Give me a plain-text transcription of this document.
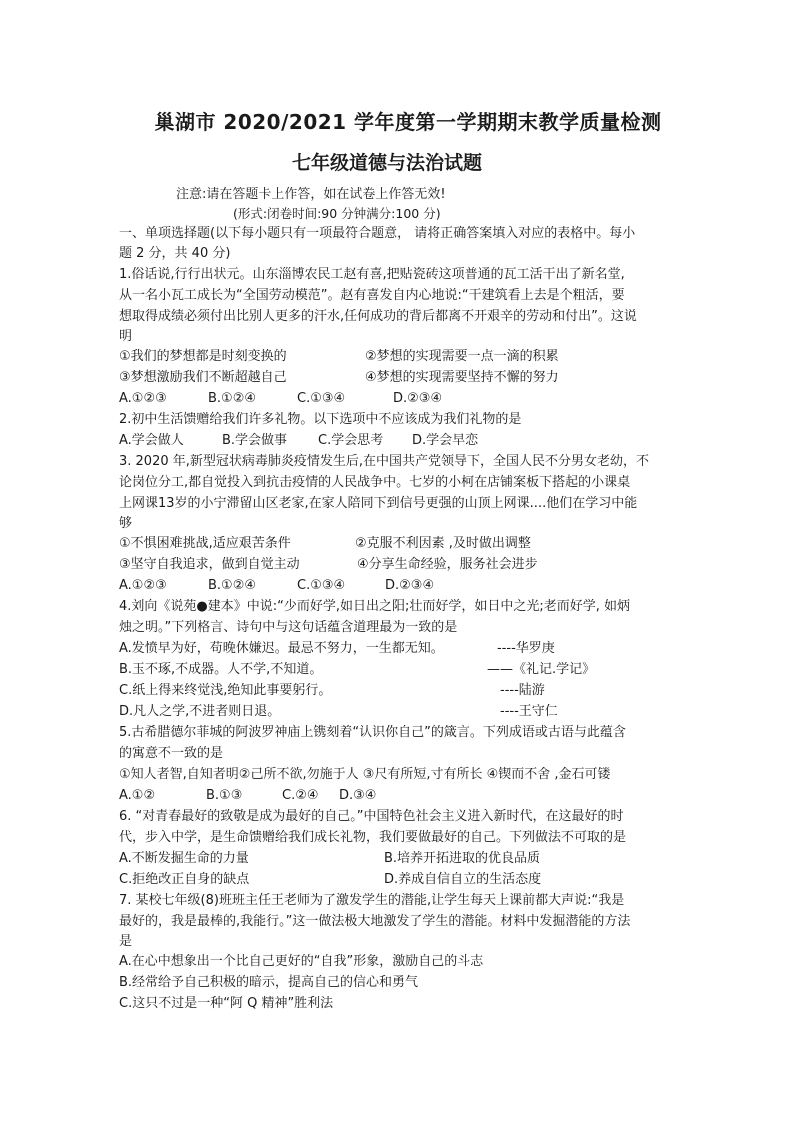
巢湖市 2020/2021 学年度第一学期期末教学质量检测
七年级道德与法治试题
注意:请在答题卡上作答，如在试卷上作答无效!
(形式:闭卷时间:90 分钟满分:100 分)
一、单项选择题(以下每小题只有一项最符合题意， 请将正确答案填入对应的表格中。每小
题 2 分，共 40 分)
1.俗话说,行行出状元。山东淄博农民工赵有喜,把贴瓷砖这项普通的瓦工活干出了新名堂,
从一名小瓦工成长为“全国劳动模范”。赵有喜发自内心地说:“干建筑看上去是个粗活，要
想取得成绩必须付出比别人更多的汗水,任何成功的背后都离不开艰辛的劳动和付出”。这说
明
①我们的梦想都是时刻变换的	②梦想的实现需要一点一滴的积累
③梦想激励我们不断超越自己	④梦想的实现需要坚持不懈的努力
A.①②③	B.①②④	C.①③④	D.②③④
2.初中生活馈赠给我们许多礼物。以下选项中不应该成为我们礼物的是
A.学会做人	B.学会做事 C.学会思考 D.学会早恋
3. 2020 年,新型冠状病毒肺炎疫情发生后,在中国共产党领导下，全国人民不分男女老幼，不
论岗位分工,都自觉投入到抗击疫情的人民战争中。七岁的小柯在店铺案板下搭起的小课桌
上网课13岁的小宁滞留山区老家,在家人陪同下到信号更强的山顶上网课....他们在学习中能
够
①不惧困难挑战,适应艰苦条件	②克服不利因素 ,及时做出调整
③坚守自我追求，做到自觉主动	④分享生命经验，服务社会进步
A.①②③	B.①②④	C.①③④	D.②③④
4.刘向《说苑●建本》中说:“少而好学,如日出之阳;壮而好学，如日中之光;老而好学, 如炳
烛之明。”下列格言、诗句中与这句话蕴含道理最为一致的是
A.发愤早为好，苟晚休嫌迟。最忌不努力，一生都无知。	----华罗庚
B.玉不琢,不成器。人不学,不知道。	——《礼记.学记》
C.纸上得来终觉浅,绝知此事要躬行。	----陆游
D.凡人之学,不进者则日退。	----王守仁
5.古希腊德尔菲城的阿波罗神庙上镌刻着“认识你自己”的箴言。下列成语或古语与此蕴含
的寓意不一致的是
①知人者智,自知者明②己所不欲,勿施于人 ③尺有所短,寸有所长 ④锲而不舍 ,金石可镂
A.①②	B.①③	C.②④ D.③④
6. “对青春最好的致敬是成为最好的自己。”中国特色社会主义进入新时代，在这最好的时
代，步入中学，是生命馈赠给我们成长礼物，我们要做最好的自己。下列做法不可取的是
A.不断发掘生命的力量	B.培养开拓进取的优良品质
C.拒绝改正自身的缺点	D.养成自信自立的生活态度
7. 某校七年级(8)班班主任王老师为了激发学生的潜能,让学生每天上课前都大声说:“我是
最好的，我是最棒的,我能行。”这一做法极大地激发了学生的潜能。材料中发掘潜能的方法
是
A.在心中想象出一个比自己更好的“自我”形象，激励自己的斗志
B.经常给予自己积极的暗示，提高自己的信心和勇气
C.这只不过是一种“阿 Q 精神”胜利法
